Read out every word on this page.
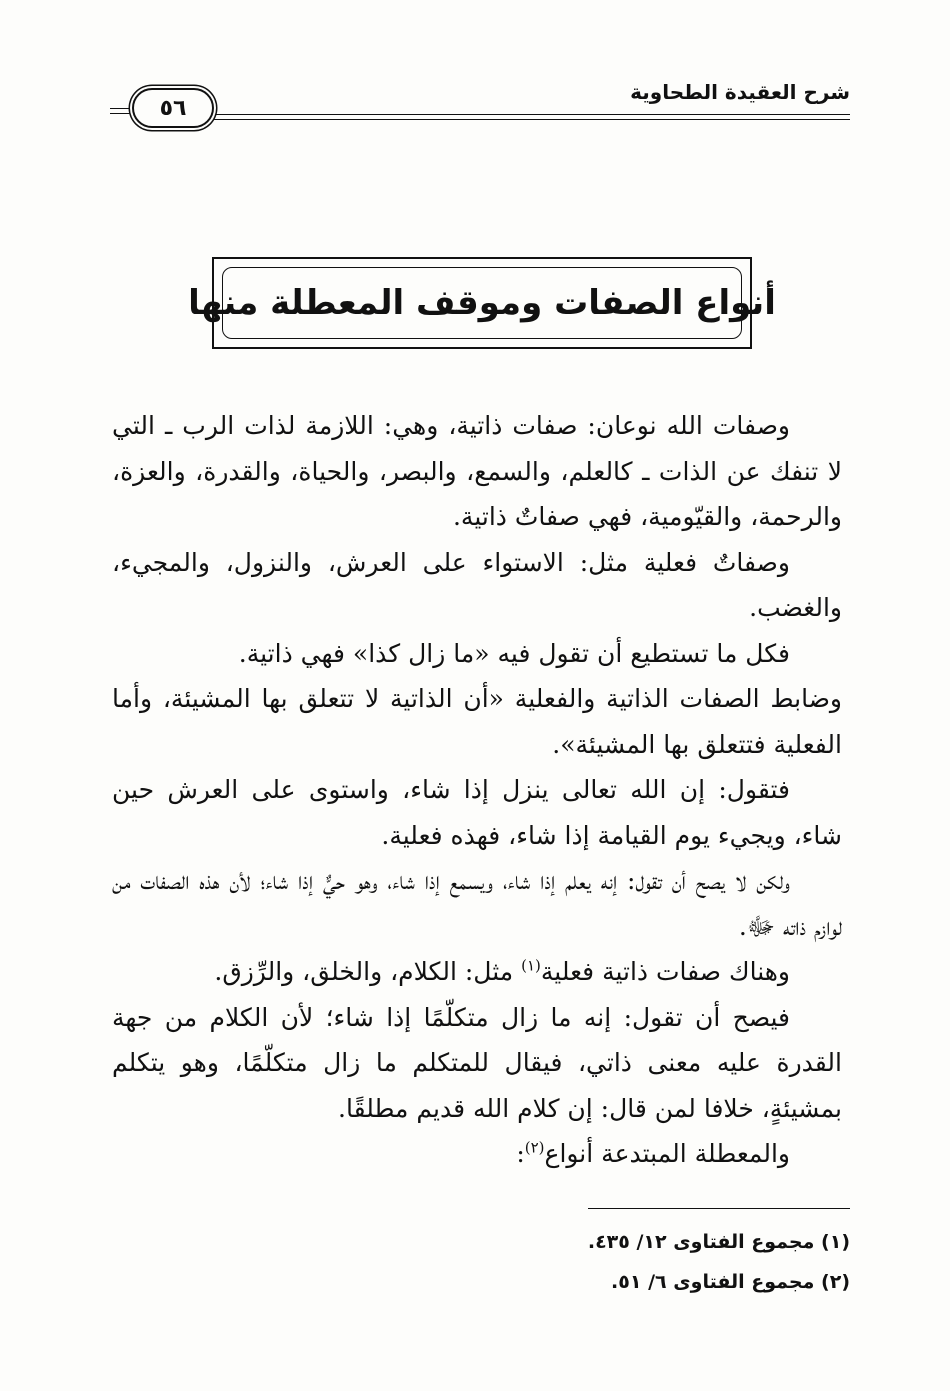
شرح العقيدة الطحاوية
٥٦
أنواع الصفات وموقف المعطلة منها

وصفات الله نوعان: صفات ذاتية، وهي: اللازمة لذات الرب ـ التي لا تنفك عن الذات ـ كالعلم، والسمع، والبصر، والحياة، والقدرة، والعزة، والرحمة، والقيّومية، فهي صفاتٌ ذاتية.

وصفاتٌ فعلية مثل: الاستواء على العرش، والنزول، والمجيء، والغضب.

فكل ما تستطيع أن تقول فيه «ما زال كذا» فهي ذاتية.

وضابط الصفات الذاتية والفعلية «أن الذاتية لا تتعلق بها المشيئة، وأما الفعلية فتتعلق بها المشيئة».

فتقول: إن الله تعالى ينزل إذا شاء، واستوى على العرش حين شاء، ويجيء يوم القيامة إذا شاء، فهذه فعلية.

ولكن لا يصح أن تقول: إنه يعلم إذا شاء، ويسمع إذا شاء، وهو حيٌّ إذا شاء؛ لأن هذه الصفات من لوازم ذاته ﷻ.

وهناك صفات ذاتية فعلية$^{(١)}$ مثل: الكلام، والخلق، والرِّزق.

فيصح أن تقول: إنه ما زال متكلّمًا إذا شاء؛ لأن الكلام من جهة القدرة عليه معنى ذاتي، فيقال للمتكلم ما زال متكلّمًا، وهو يتكلم بمشيئةٍ، خلافا لمن قال: إن كلام الله قديم مطلقًا.

والمعطلة المبتدعة أنواع$^{(٢)}$:

(١) مجموع الفتاوى ١٢/ ٤٣٥.
(٢) مجموع الفتاوى ٦/ ٥١.
